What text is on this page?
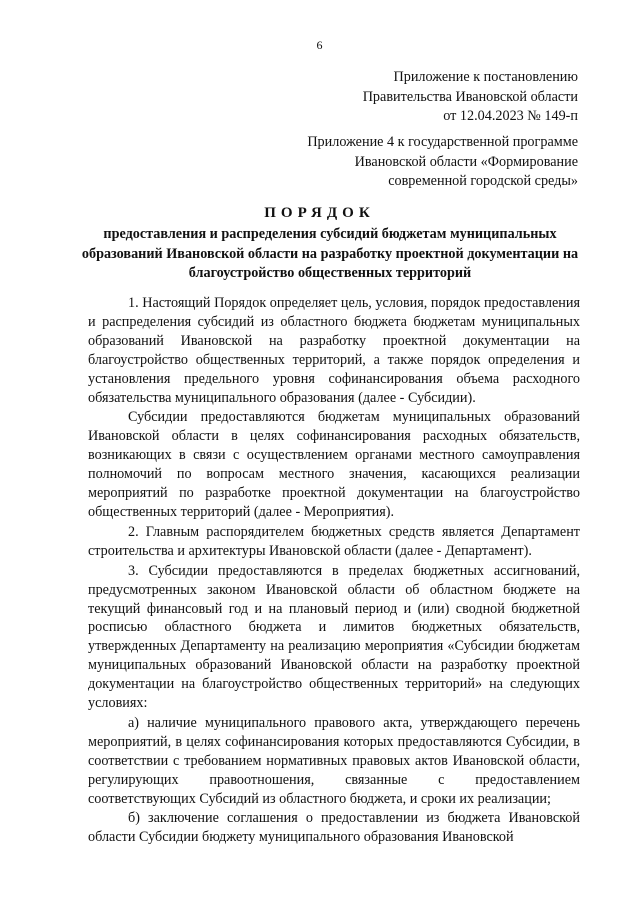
6
Приложение к постановлению
Правительства Ивановской области
от 12.04.2023 № 149-п
Приложение 4 к государственной программе
Ивановской области «Формирование
современной городской среды»
ПОРЯДОК
предоставления и распределения субсидий бюджетам муниципальных образований Ивановской области на разработку проектной документации на благоустройство общественных территорий

1. Настоящий Порядок определяет цель, условия, порядок предоставления и распределения субсидий из областного бюджета бюджетам муниципальных образований Ивановской на разработку проектной документации на благоустройство общественных территорий, а также порядок определения и установления предельного уровня софинансирования объема расходного обязательства муниципального образования (далее - Субсидии).

Субсидии предоставляются бюджетам муниципальных образований Ивановской области в целях софинансирования расходных обязательств, возникающих в связи с осуществлением органами местного самоуправления полномочий по вопросам местного значения, касающихся реализации мероприятий по разработке проектной документации на благоустройство общественных территорий (далее - Мероприятия).

2. Главным распорядителем бюджетных средств является Департамент строительства и архитектуры Ивановской области (далее - Департамент).

3. Субсидии предоставляются в пределах бюджетных ассигнований, предусмотренных законом Ивановской области об областном бюджете на текущий финансовый год и на плановый период и (или) сводной бюджетной росписью областного бюджета и лимитов бюджетных обязательств, утвержденных Департаменту на реализацию мероприятия «Субсидии бюджетам муниципальных образований Ивановской области на разработку проектной документации на благоустройство общественных территорий» на следующих условиях:

а) наличие муниципального правового акта, утверждающего перечень мероприятий, в целях софинансирования которых предоставляются Субсидии, в соответствии с требованием нормативных правовых актов Ивановской области, регулирующих правоотношения, связанные с предоставлением соответствующих Субсидий из областного бюджета, и сроки их реализации;

б) заключение соглашения о предоставлении из бюджета Ивановской области Субсидии бюджету муниципального образования Ивановской
